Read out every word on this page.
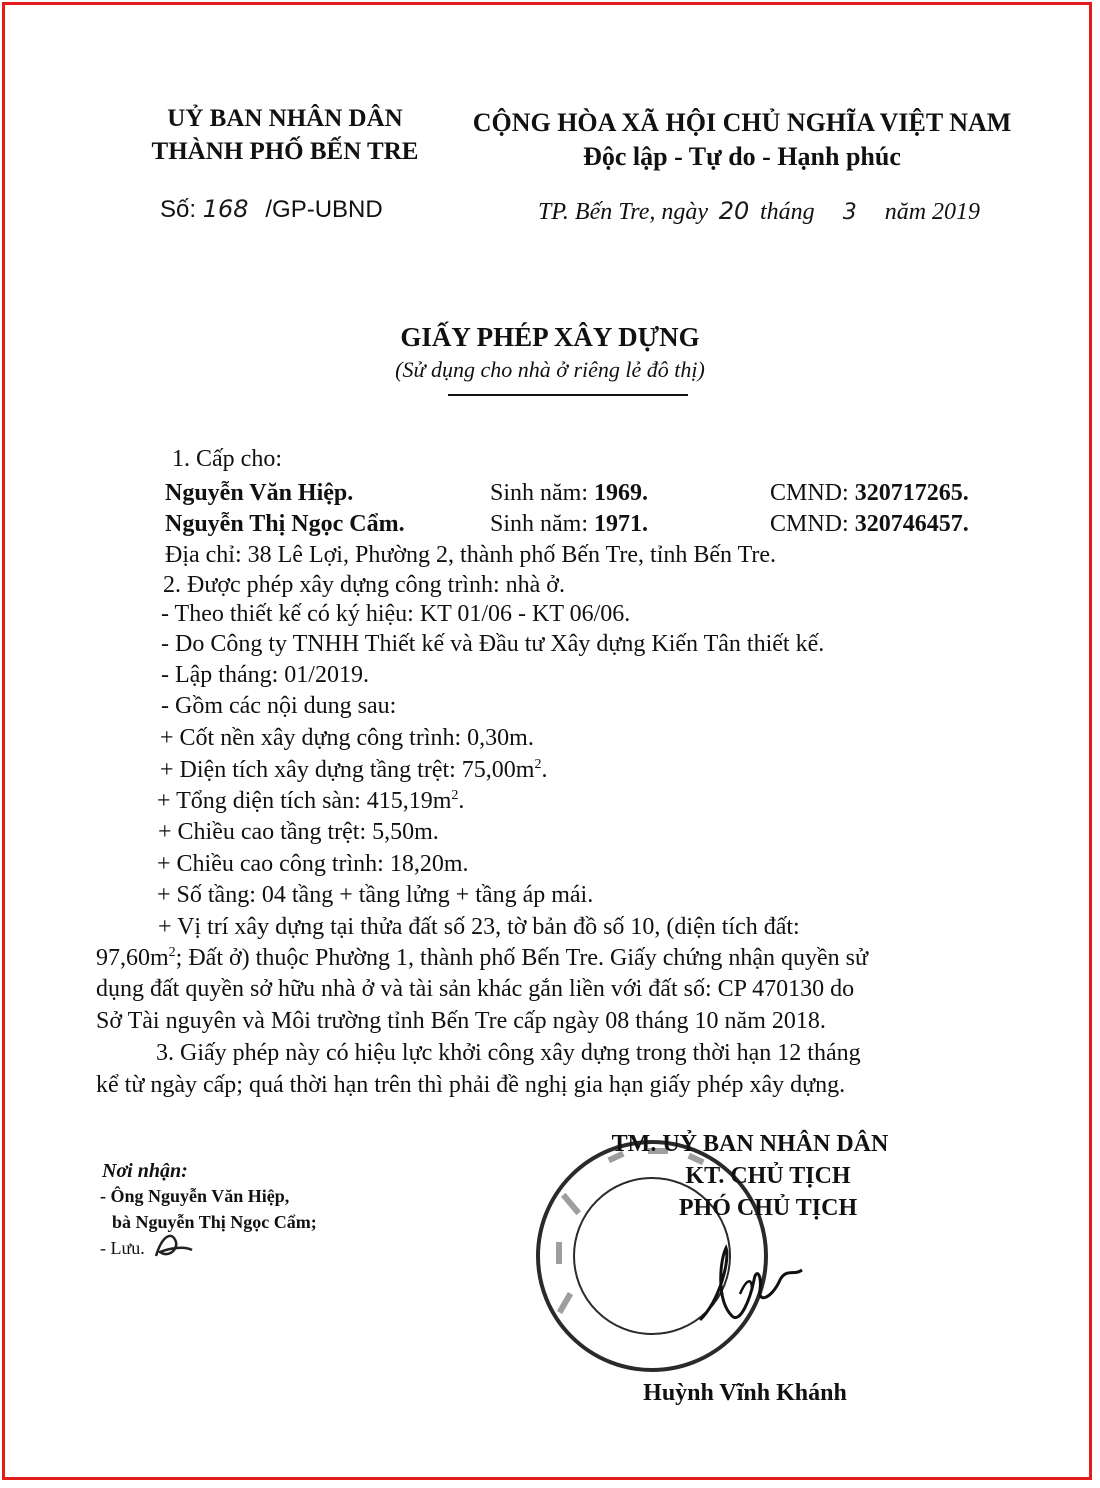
UỶ BAN NHÂN DÂN
THÀNH PHỐ BẾN TRE
CỘNG HÒA XÃ HỘI CHỦ NGHĨA VIỆT NAM
Độc lập - Tự do - Hạnh phúc
Số: 168 /GP-UBND	TP. Bến Tre, ngày 20 tháng 3 năm 2019
GIẤY PHÉP XÂY DỰNG
(Sử dụng cho nhà ở riêng lẻ đô thị)
1. Cấp cho:
Nguyễn Văn Hiệp.	Sinh năm: 1969.	CMND: 320717265.
Nguyễn Thị Ngọc Cẩm.	Sinh năm: 1971.	CMND: 320746457.
Địa chỉ: 38 Lê Lợi, Phường 2, thành phố Bến Tre, tỉnh Bến Tre.
2. Được phép xây dựng công trình: nhà ở.
- Theo thiết kế có ký hiệu: KT 01/06 - KT 06/06.
- Do Công ty TNHH Thiết kế và Đầu tư Xây dựng Kiến Tân thiết kế.
- Lập tháng: 01/2019.
- Gồm các nội dung sau:
+ Cốt nền xây dựng công trình: 0,30m.
+ Diện tích xây dựng tầng trệt: $75,00m^2$.
+ Tổng diện tích sàn: $415,19m^2$.
+ Chiều cao tầng trệt: 5,50m.
+ Chiều cao công trình: 18,20m.
+ Số tầng: 04 tầng + tầng lửng + tầng áp mái.
+ Vị trí xây dựng tại thửa đất số 23, tờ bản đồ số 10, (diện tích đất:
$97,60m^2$; Đất ở) thuộc Phường 1, thành phố Bến Tre. Giấy chứng nhận quyền sử
dụng đất quyền sở hữu nhà ở và tài sản khác gắn liền với đất số: CP 470130 do
Sở Tài nguyên và Môi trường tỉnh Bến Tre cấp ngày 08 tháng 10 năm 2018.
3. Giấy phép này có hiệu lực khởi công xây dựng trong thời hạn 12 tháng
kể từ ngày cấp; quá thời hạn trên thì phải đề nghị gia hạn giấy phép xây dựng.
Nơi nhận:
- Ông Nguyễn Văn Hiệp,
bà Nguyễn Thị Ngọc Cẩm;
- Lưu.
TM. UỶ BAN NHÂN DÂN
KT. CHỦ TỊCH
PHÓ CHỦ TỊCH
Huỳnh Vĩnh Khánh
